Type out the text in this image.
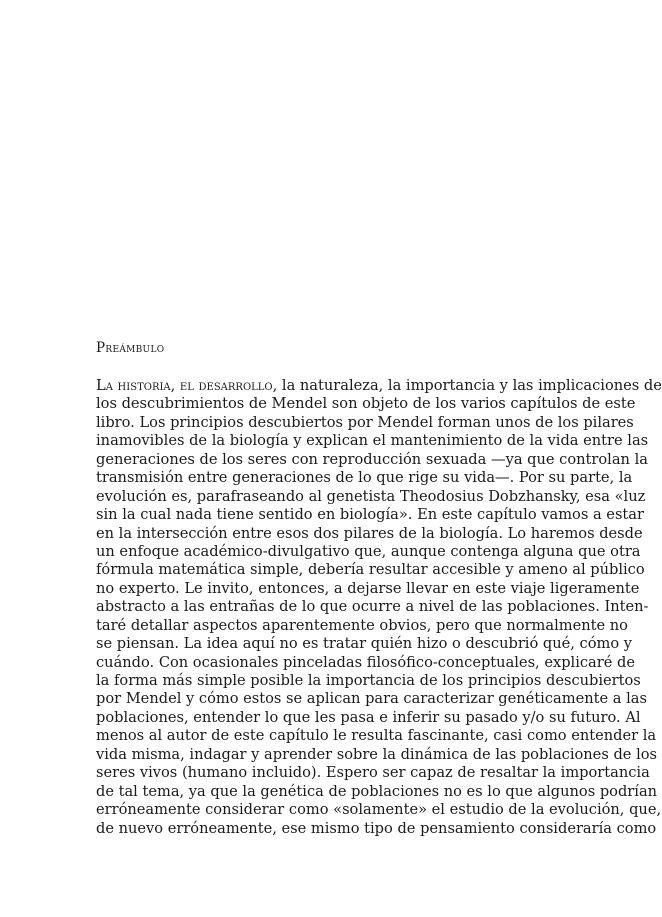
Preámbulo
La historia, el desarrollo, la naturaleza, la importancia y las implicaciones de
los descubrimientos de Mendel son objeto de los varios capítulos de este
libro. Los principios descubiertos por Mendel forman unos de los pilares
inamovibles de la biología y explican el mantenimiento de la vida entre las
generaciones de los seres con reproducción sexuada —ya que controlan la
transmisión entre generaciones de lo que rige su vida—. Por su parte, la
evolución es, parafraseando al genetista Theodosius Dobzhansky, esa «luz
sin la cual nada tiene sentido en biología». En este capítulo vamos a estar
en la intersección entre esos dos pilares de la biología. Lo haremos desde
un enfoque académico-divulgativo que, aunque contenga alguna que otra
fórmula matemática simple, debería resultar accesible y ameno al público
no experto. Le invito, entonces, a dejarse llevar en este viaje ligeramente
abstracto a las entrañas de lo que ocurre a nivel de las poblaciones. Inten-
taré detallar aspectos aparentemente obvios, pero que normalmente no
se piensan. La idea aquí no es tratar quién hizo o descubrió qué, cómo y
cuándo. Con ocasionales pinceladas filosófico-conceptuales, explicaré de
la forma más simple posible la importancia de los principios descubiertos
por Mendel y cómo estos se aplican para caracterizar genéticamente a las
poblaciones, entender lo que les pasa e inferir su pasado y/o su futuro. Al
menos al autor de este capítulo le resulta fascinante, casi como entender la
vida misma, indagar y aprender sobre la dinámica de las poblaciones de los
seres vivos (humano incluido). Espero ser capaz de resaltar la importancia
de tal tema, ya que la genética de poblaciones no es lo que algunos podrían
erróneamente considerar como «solamente» el estudio de la evolución, que,
de nuevo erróneamente, ese mismo tipo de pensamiento consideraría como
